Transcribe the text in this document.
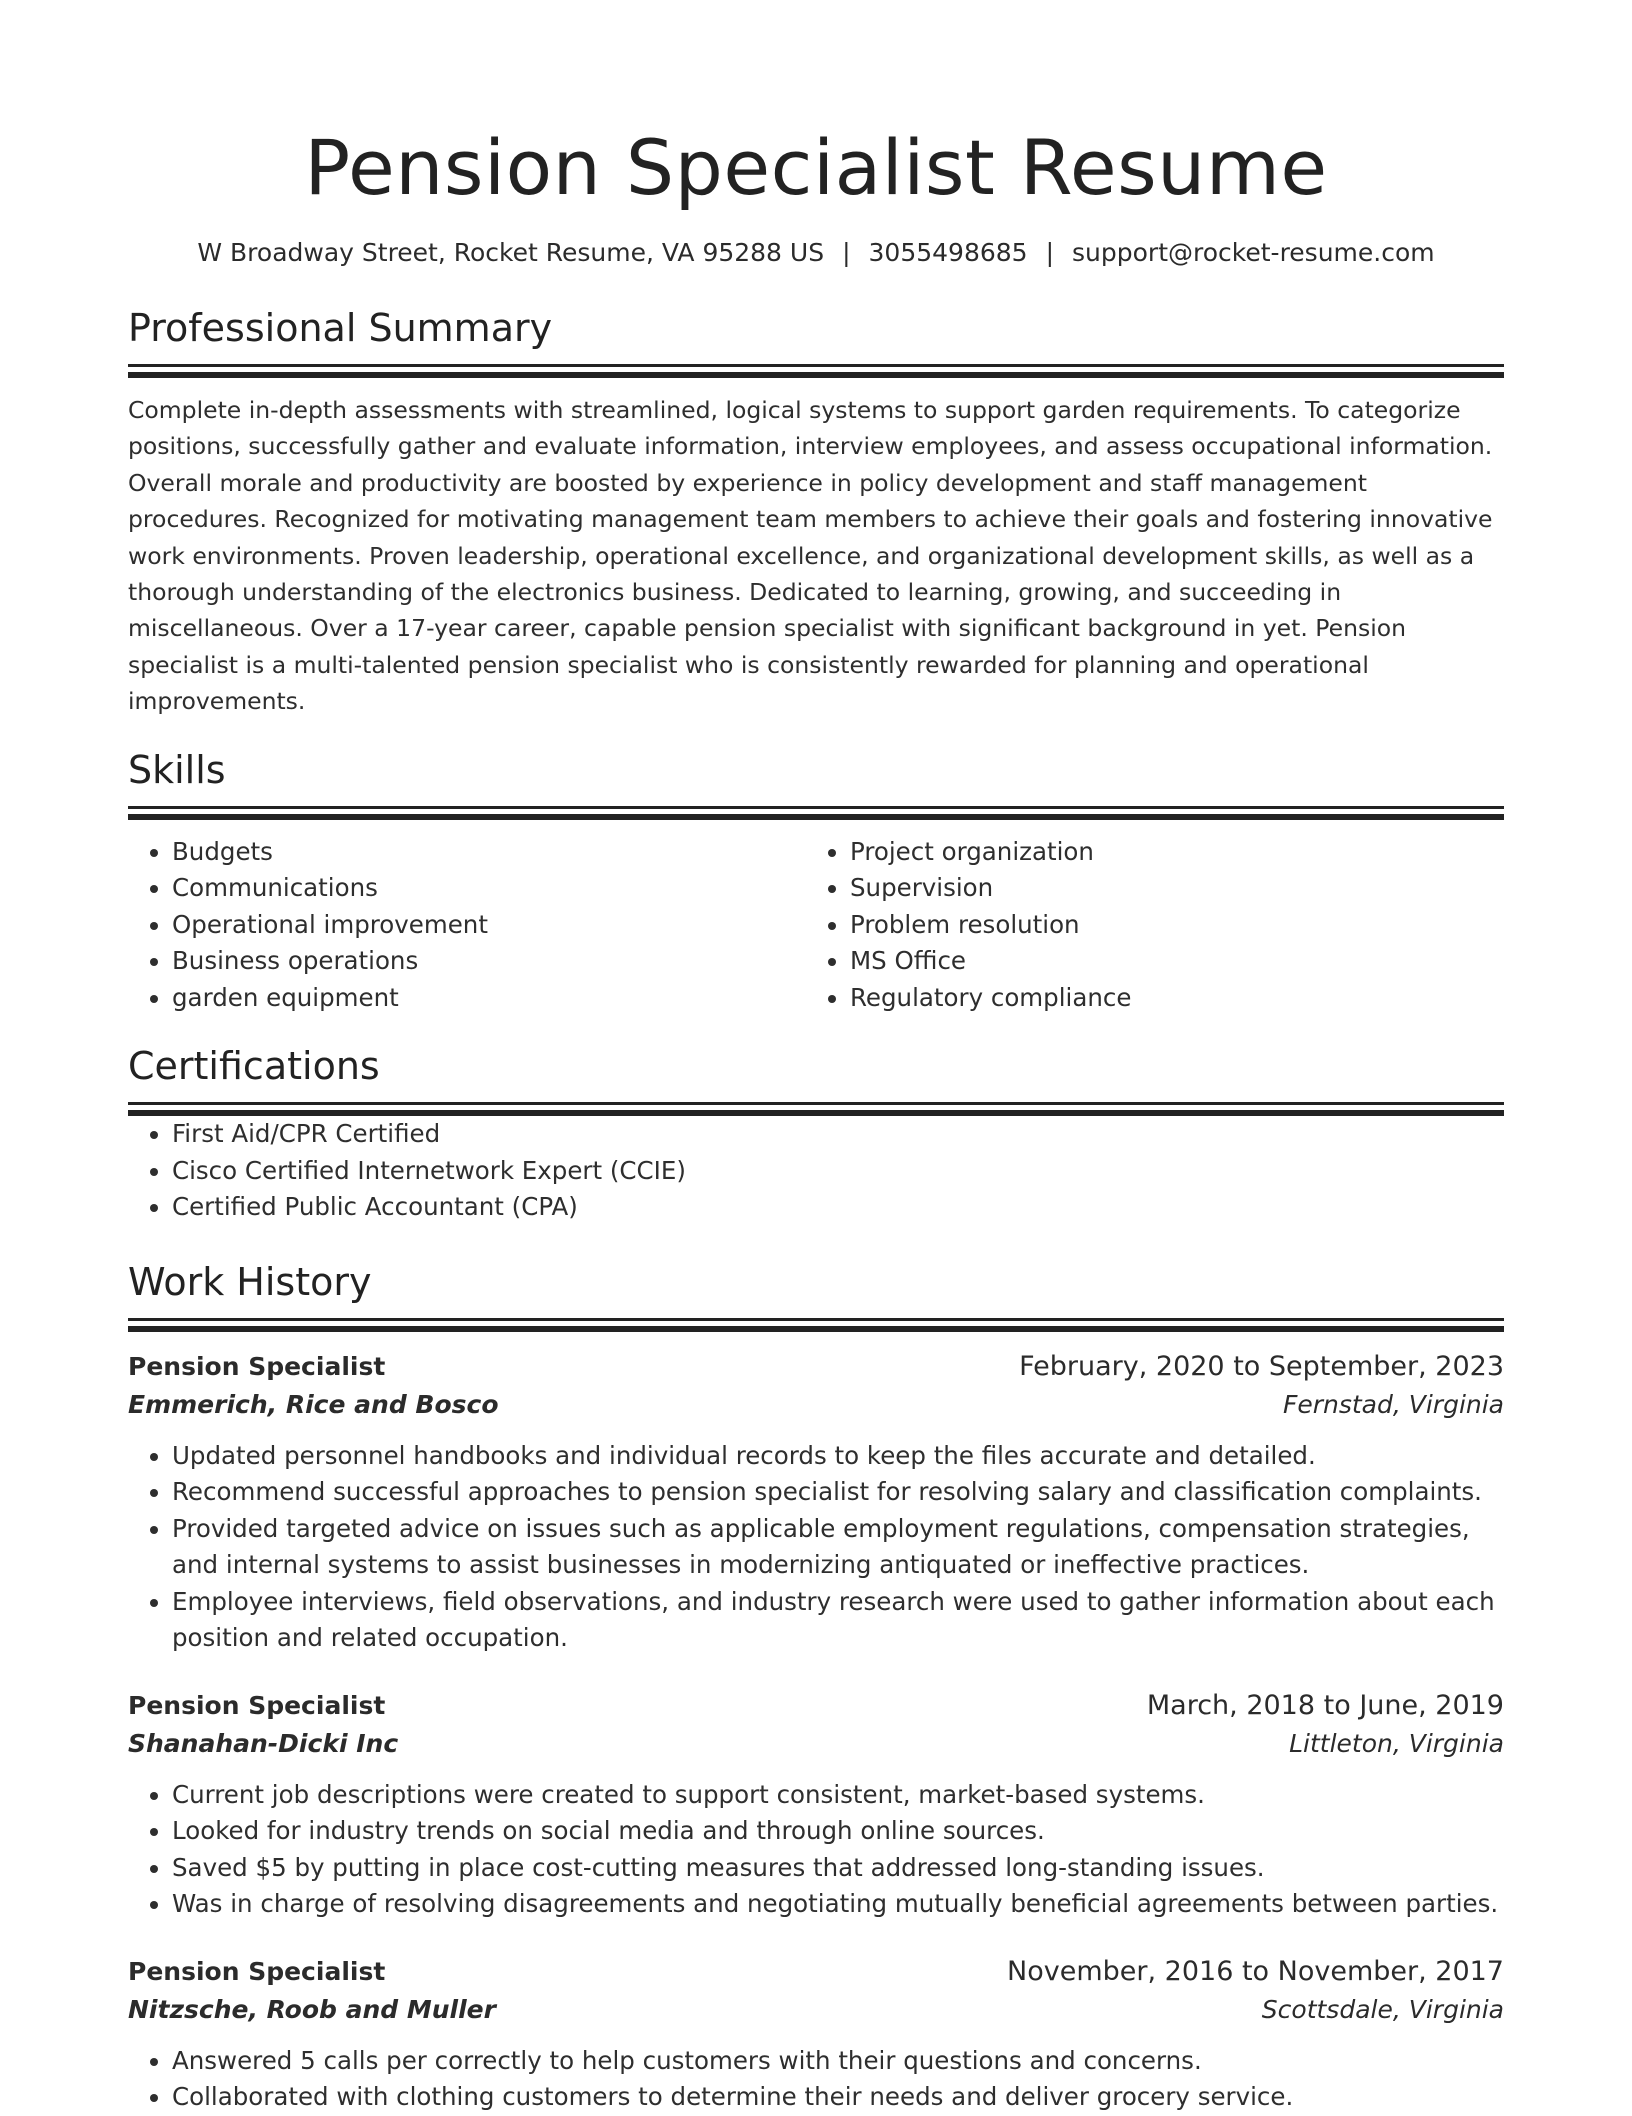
Pension Specialist Resume
W Broadway Street, Rocket Resume, VA 95288 US | 3055498685 | support@rocket-resume.com
Professional Summary
Complete in-depth assessments with streamlined, logical systems to support garden requirements. To categorize positions, successfully gather and evaluate information, interview employees, and assess occupational information. Overall morale and productivity are boosted by experience in policy development and staff management procedures. Recognized for motivating management team members to achieve their goals and fostering innovative work environments. Proven leadership, operational excellence, and organizational development skills, as well as a thorough understanding of the electronics business. Dedicated to learning, growing, and succeeding in miscellaneous. Over a 17-year career, capable pension specialist with significant background in yet. Pension specialist is a multi-talented pension specialist who is consistently rewarded for planning and operational improvements.
Skills
• Budgets
• Communications
• Operational improvement
• Business operations
• garden equipment
• Project organization
• Supervision
• Problem resolution
• MS Office
• Regulatory compliance
Certifications
• First Aid/CPR Certified
• Cisco Certified Internetwork Expert (CCIE)
• Certified Public Accountant (CPA)
Work History
Pension Specialist	February, 2020 to September, 2023
Emmerich, Rice and Bosco	Fernstad, Virginia
• Updated personnel handbooks and individual records to keep the files accurate and detailed.
• Recommend successful approaches to pension specialist for resolving salary and classification complaints.
• Provided targeted advice on issues such as applicable employment regulations, compensation strategies, and internal systems to assist businesses in modernizing antiquated or ineffective practices.
• Employee interviews, field observations, and industry research were used to gather information about each position and related occupation.
Pension Specialist	March, 2018 to June, 2019
Shanahan-Dicki Inc	Littleton, Virginia
• Current job descriptions were created to support consistent, market-based systems.
• Looked for industry trends on social media and through online sources.
• Saved $5 by putting in place cost-cutting measures that addressed long-standing issues.
• Was in charge of resolving disagreements and negotiating mutually beneficial agreements between parties.
Pension Specialist	November, 2016 to November, 2017
Nitzsche, Roob and Muller	Scottsdale, Virginia
• Answered 5 calls per correctly to help customers with their questions and concerns.
• Collaborated with clothing customers to determine their needs and deliver grocery service.
